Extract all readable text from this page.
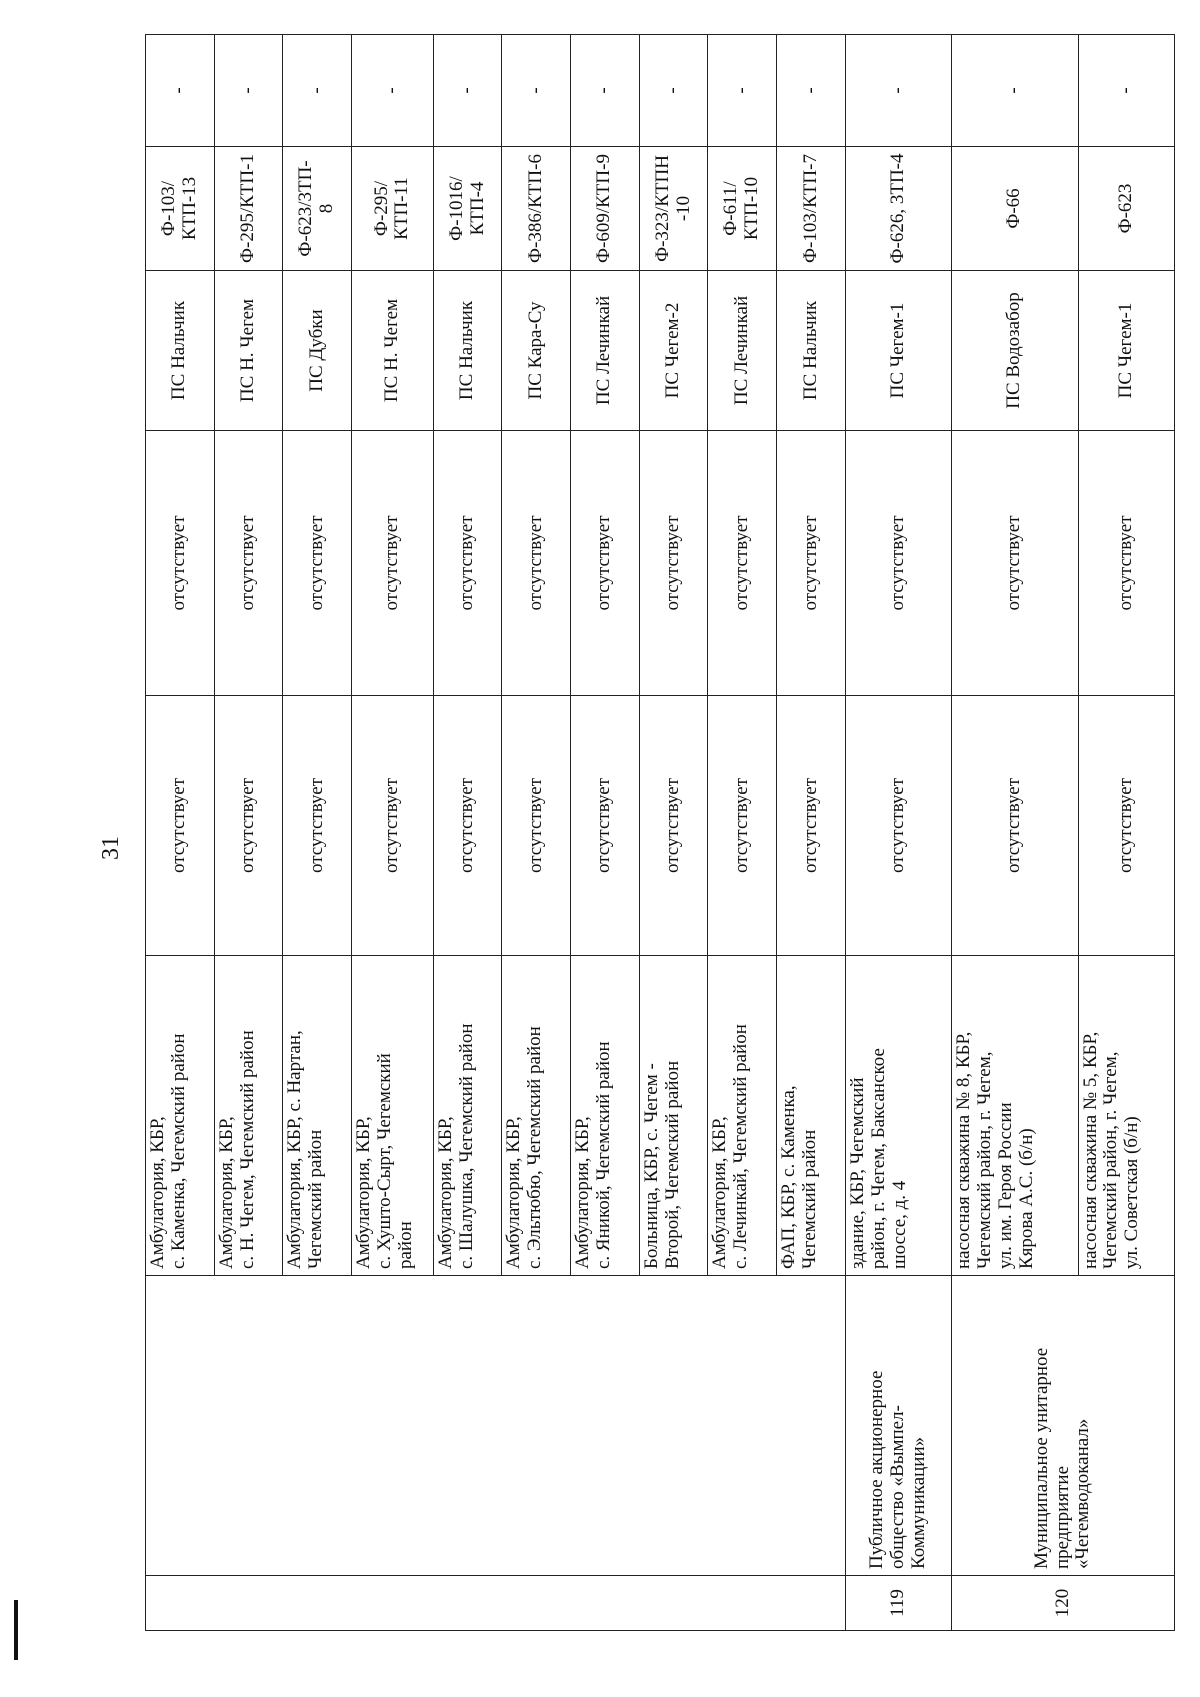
31
		Амбулатория, КБР,
с. Каменка, Чегемский район	отсутствует	отсутствует	ПС Нальчик	Ф-103/КТП-13	-
		Амбулатория, КБР,
с. Н. Чегем, Чегемский район	отсутствует	отсутствует	ПС Н. Чегем	Ф-295/КТП-1	-
		Амбулатория, КБР, с. Нартан,
Чегемский район	отсутствует	отсутствует	ПС Дубки	Ф-623/3ТП-
8	-
		Амбулатория, КБР,
с. Хушто-Сырт, Чегемский
район	отсутствует	отсутствует	ПС Н. Чегем	Ф-295/
КТП-11	-
		Амбулатория, КБР,
с. Шалушка, Чегемский район	отсутствует	отсутствует	ПС Нальчик	Ф-1016/
КТП-4	-
		Амбулатория, КБР,
с. Эльтюбю, Чегемский район	отсутствует	отсутствует	ПС Кара-Су	Ф-386/КТП-6	-
		Амбулатория, КБР,
с. Яникой, Чегемский район	отсутствует	отсутствует	ПС Лечинкай	Ф-609/КТП-9	-
		Больница, КБР, с. Чегем -
Второй, Чегемский район	отсутствует	отсутствует	ПС Чегем-2	Ф-323/КТПН
-10	-
		Амбулатория, КБР,
с. Лечинкай, Чегемский район	отсутствует	отсутствует	ПС Лечинкай	Ф-611/КТП-10	-
		ФАП, КБР, с. Каменка,
Чегемский район	отсутствует	отсутствует	ПС Нальчик	Ф-103/КТП-7	-
119	Публичное акционерное
общество «Вымпел-
Коммуникации»	здание, КБР, Чегемский
район, г. Чегем, Баксанское
шоссе, д. 4	отсутствует	отсутствует	ПС Чегем-1	Ф-626, 3ТП-4	-
120	Муниципальное унитарное
предприятие
«Чегемводоканал»	насосная скважина № 8, КБР,
Чегемский район, г. Чегем,
ул. им. Героя России
Кярова А.С. (б/н)	отсутствует	отсутствует	ПС Водозабор	Ф-66	-
		насосная скважина № 5, КБР,
Чегемский район, г. Чегем,
ул. Советская (б/н)	отсутствует	отсутствует	ПС Чегем-1	Ф-623	-
